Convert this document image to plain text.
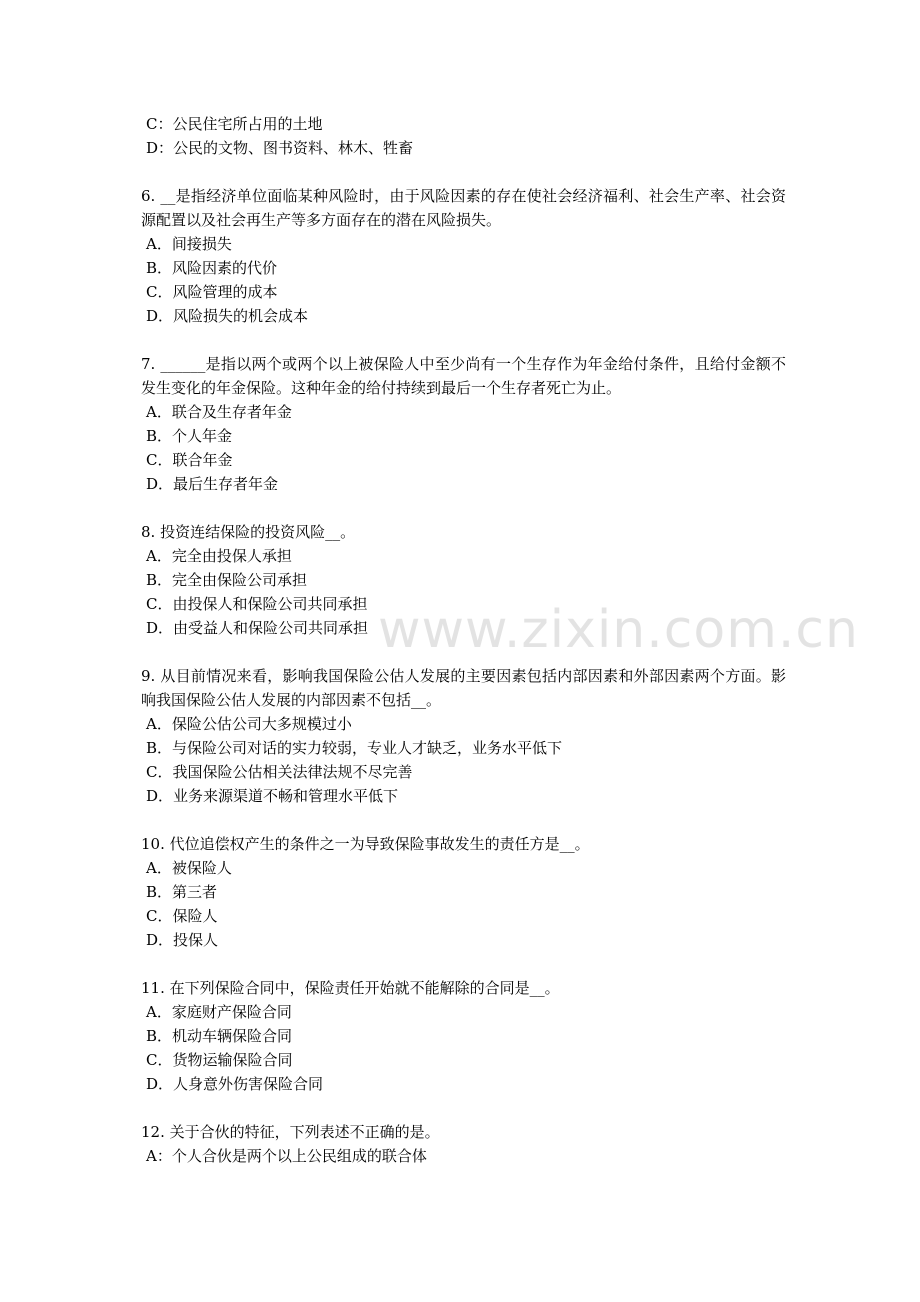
C：公民住宅所占用的土地
D：公民的文物、图书资料、林木、牲畜
6. __是指经济单位面临某种风险时，由于风险因素的存在使社会经济福利、社会生产率、社会资源配置以及社会再生产等多方面存在的潜在风险损失。
A．间接损失
B．风险因素的代价
C．风险管理的成本
D．风险损失的机会成本
7. ______是指以两个或两个以上被保险人中至少尚有一个生存作为年金给付条件，且给付金额不发生变化的年金保险。这种年金的给付持续到最后一个生存者死亡为止。
A．联合及生存者年金
B．个人年金
C．联合年金
D．最后生存者年金
8. 投资连结保险的投资风险__。
A．完全由投保人承担
B．完全由保险公司承担
C．由投保人和保险公司共同承担
D．由受益人和保险公司共同承担
9. 从目前情况来看，影响我国保险公估人发展的主要因素包括内部因素和外部因素两个方面。影响我国保险公估人发展的内部因素不包括__。
A．保险公估公司大多规模过小
B．与保险公司对话的实力较弱，专业人才缺乏，业务水平低下
C．我国保险公估相关法律法规不尽完善
D．业务来源渠道不畅和管理水平低下
10. 代位追偿权产生的条件之一为导致保险事故发生的责任方是__。
A．被保险人
B．第三者
C．保险人
D．投保人
11. 在下列保险合同中，保险责任开始就不能解除的合同是__。
A．家庭财产保险合同
B．机动车辆保险合同
C．货物运输保险合同
D．人身意外伤害保险合同
12. 关于合伙的特征，下列表述不正确的是。
A：个人合伙是两个以上公民组成的联合体
www.zixin.com.cn
